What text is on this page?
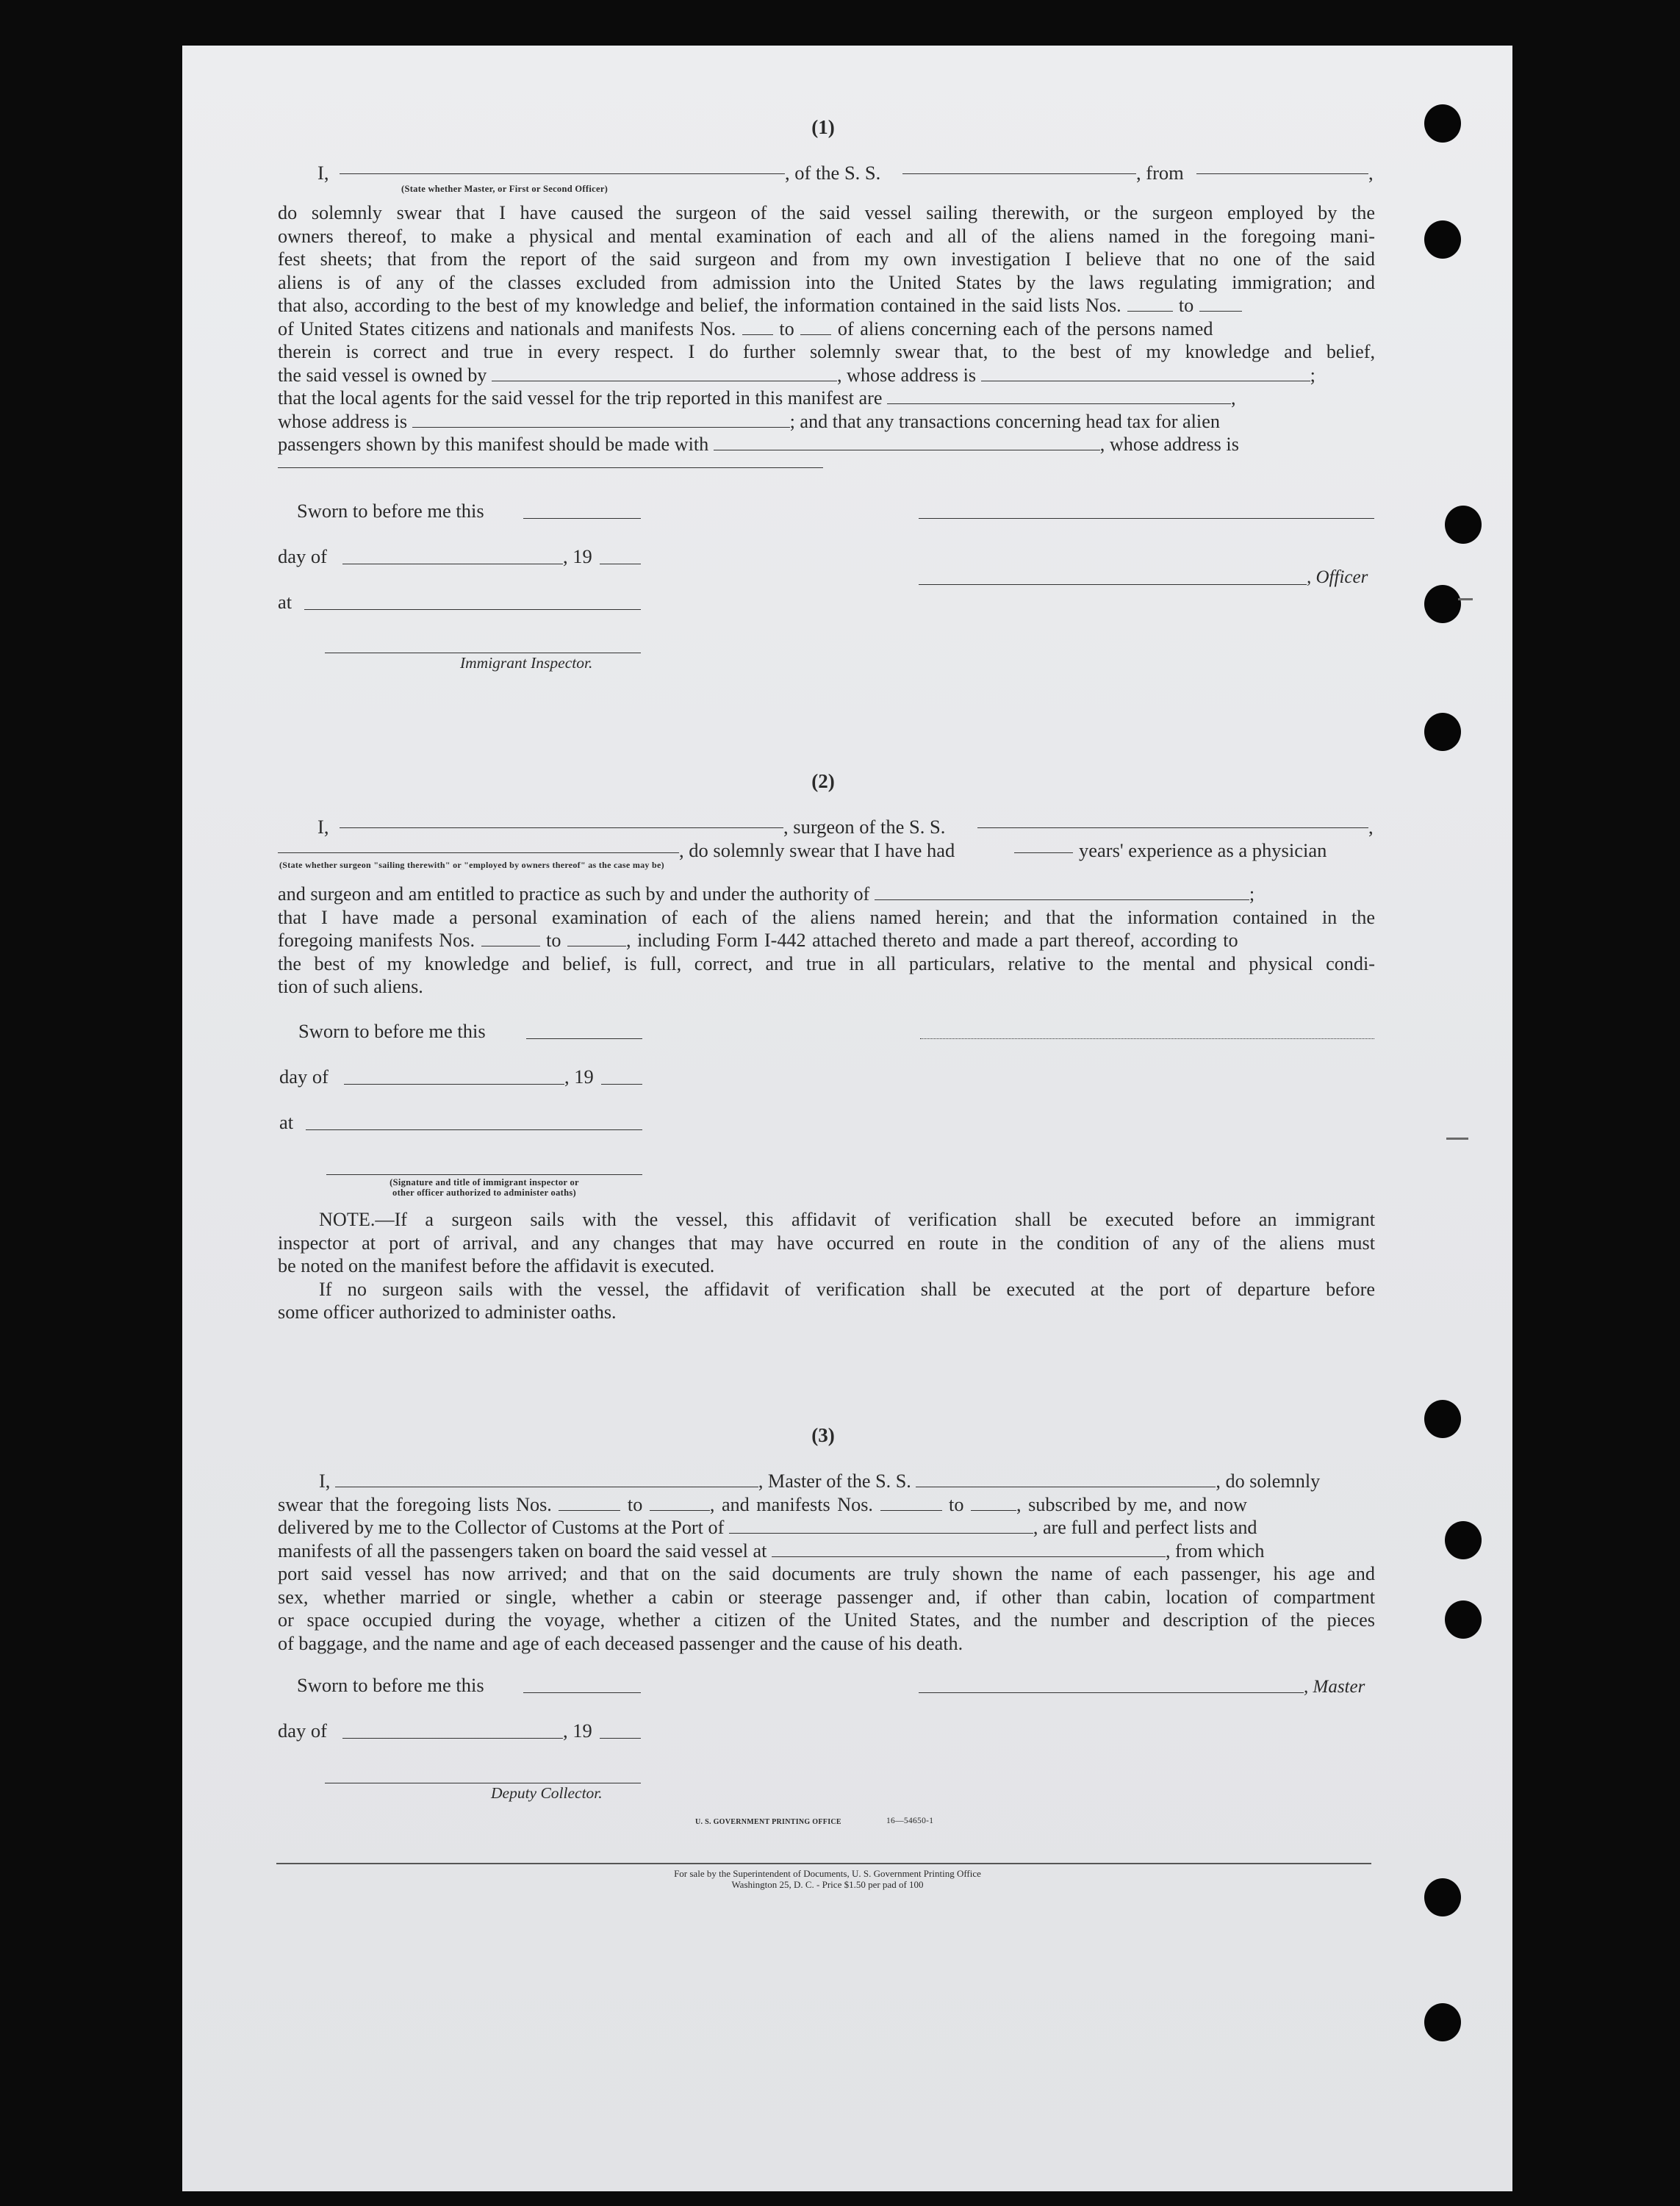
(1)
I,	, of the S. S.	, from	,
(State whether Master, or First or Second Officer)
do solemnly swear that I have caused the surgeon of the said vessel sailing therewith, or the surgeon employed by the
owners thereof, to make a physical and mental examination of each and all of the aliens named in the foregoing mani-
fest sheets; that from the report of the said surgeon and from my own investigation I believe that no one of the said
aliens is of any of the classes excluded from admission into the United States by the laws regulating immigration; and
that also, according to the best of my knowledge and belief, the information contained in the said lists Nos.	to
of United States citizens and nationals and manifests Nos. to of aliens concerning each of the persons named
therein is correct and true in every respect. I do further solemnly swear that, to the best of my knowledge and belief,
the said vessel is owned by	, whose address is	;
that the local agents for the said vessel for the trip reported in this manifest are	,
whose address is	; and that any transactions concerning head tax for alien
passengers shown by this manifest should be made with	, whose address is
Sworn to before me this
day of	, 19
, Officer
at
Immigrant Inspector.
(2)
I,	, surgeon of the S. S.	,
, do solemnly swear that I have had	years' experience as a physician
(State whether surgeon "sailing therewith" or "employed by owners thereof" as the case may be)
and surgeon and am entitled to practice as such by and under the authority of	;
that I have made a personal examination of each of the aliens named herein; and that the information contained in the
foregoing manifests Nos.	to	, including Form I-442 attached thereto and made a part thereof, according to
the best of my knowledge and belief, is full, correct, and true in all particulars, relative to the mental and physical condi-
tion of such aliens.
Sworn to before me this
day of	, 19
at
(Signature and title of immigrant inspector or
other officer authorized to administer oaths)
NOTE.—If a surgeon sails with the vessel, this affidavit of verification shall be executed before an immigrant
inspector at port of arrival, and any changes that may have occurred en route in the condition of any of the aliens must
be noted on the manifest before the affidavit is executed.
If no surgeon sails with the vessel, the affidavit of verification shall be executed at the port of departure before
some officer authorized to administer oaths.
(3)
I,	, Master of the S. S.	, do solemnly
swear that the foregoing lists Nos.	to	, and manifests Nos.	to	, subscribed by me, and now
delivered by me to the Collector of Customs at the Port of	, are full and perfect lists and
manifests of all the passengers taken on board the said vessel at	, from which
port said vessel has now arrived; and that on the said documents are truly shown the name of each passenger, his age and
sex, whether married or single, whether a cabin or steerage passenger and, if other than cabin, location of compartment
or space occupied during the voyage, whether a citizen of the United States, and the number and description of the pieces
of baggage, and the name and age of each deceased passenger and the cause of his death.
Sworn to before me this	, Master
day of	, 19
Deputy Collector.
U. S. GOVERNMENT PRINTING OFFICE	16—54650-1
For sale by the Superintendent of Documents, U. S. Government Printing Office
Washington 25, D. C. - Price $1.50 per pad of 100
